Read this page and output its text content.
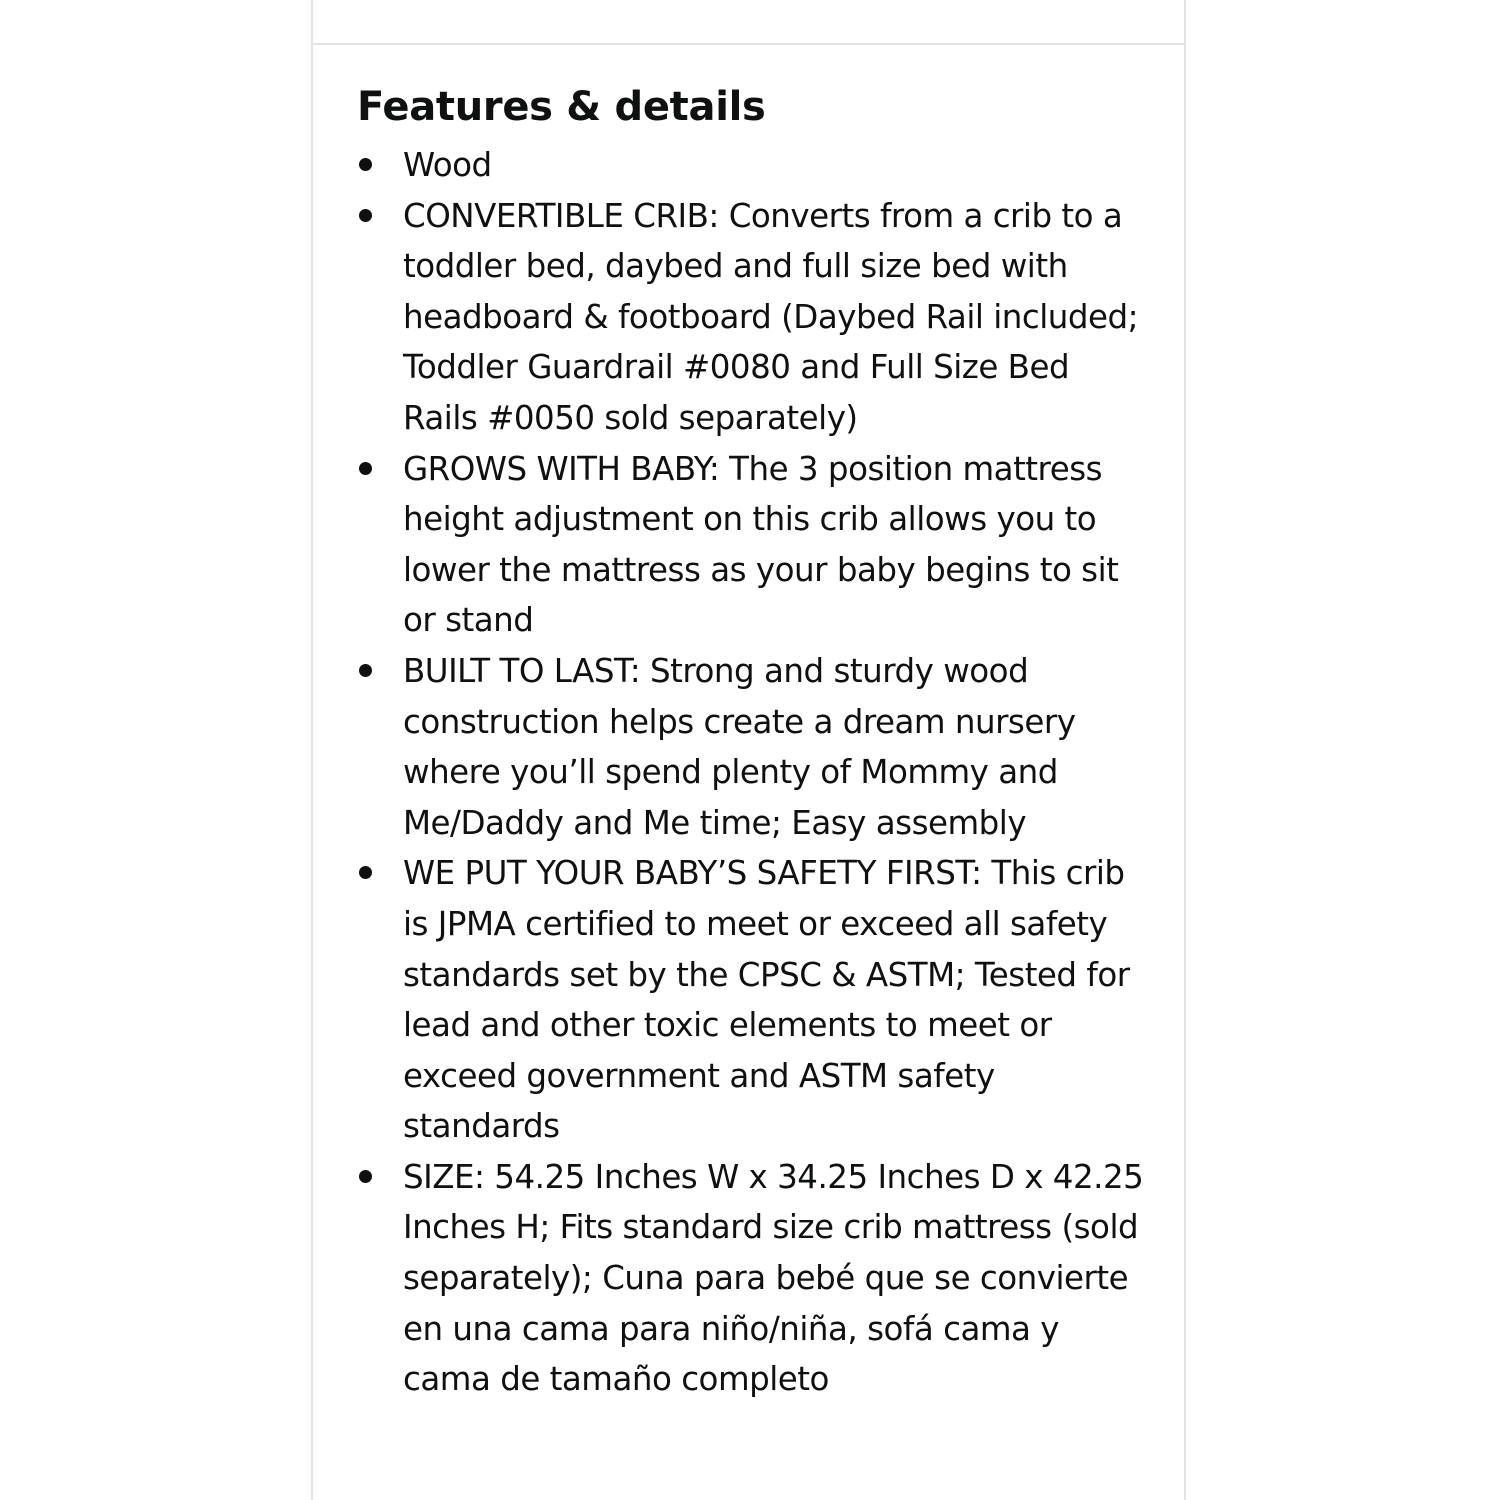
Features & details
Wood
CONVERTIBLE CRIB: Converts from a crib to a toddler bed, daybed and full size bed with headboard & footboard (Daybed Rail included; Toddler Guardrail #0080 and Full Size Bed Rails #0050 sold separately)
GROWS WITH BABY: The 3 position mattress height adjustment on this crib allows you to lower the mattress as your baby begins to sit or stand
BUILT TO LAST: Strong and sturdy wood construction helps create a dream nursery where you’ll spend plenty of Mommy and Me/Daddy and Me time; Easy assembly
WE PUT YOUR BABY’S SAFETY FIRST: This crib is JPMA certified to meet or exceed all safety standards set by the CPSC & ASTM; Tested for lead and other toxic elements to meet or exceed government and ASTM safety standards
SIZE: 54.25 Inches W x 34.25 Inches D x 42.25 Inches H; Fits standard size crib mattress (sold separately); Cuna para bebé que se convierte en una cama para niño/niña, sofá cama y cama de tamaño completo
